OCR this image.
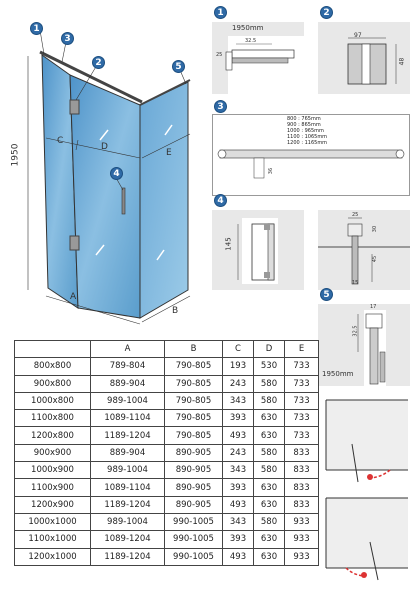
1
3
2
4
5
1950
A
B
C
D
E
1
1950mm
32.5
25
2
97
48
3
800 : 765mm
900 : 865mm
1000 : 965mm
1100 : 1065mm
1200 : 1165mm
36
4
145
25
30
45
15
5
17
32.5
1950mm
	A	B	C	D	E
800x800	789-804	790-805	193	530	733
900x800	889-904	790-805	243	580	733
1000x800	989-1004	790-805	343	580	733
1100x800	1089-1104	790-805	393	630	733
1200x800	1189-1204	790-805	493	630	733
900x900	889-904	890-905	243	580	833
1000x900	989-1004	890-905	343	580	833
1100x900	1089-1104	890-905	393	630	833
1200x900	1189-1204	890-905	493	630	833
1000x1000	989-1004	990-1005	343	580	933
1100x1000	1089-1204	990-1005	393	630	933
1200x1000	1189-1204	990-1005	493	630	933
